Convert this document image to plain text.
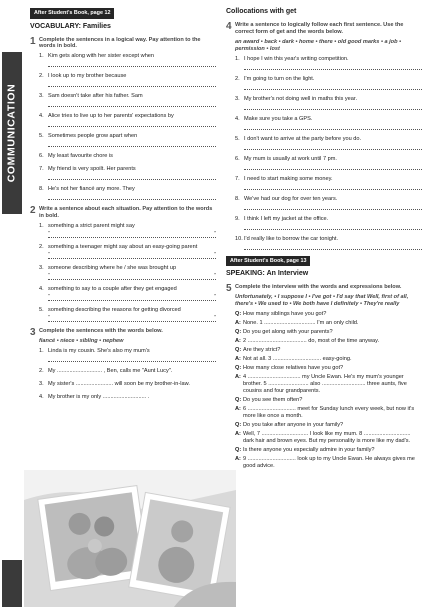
COMMUNICATION
After Student's Book, page 12
VOCABULARY: Families
1 Complete the sentences in a logical way. Pay attention to the words in bold.
1. Kim gets along with her sister except when
2. I look up to my brother because
3. Sam doesn't take after his father. Sam
4. Alice tries to live up to her parents' expectations by
5. Sometimes people grow apart when
6. My least favourite chore is
7. My friend is very spoilt. Her parents
8. He's not her fiancé any more. They
2 Write a sentence about each situation. Pay attention to the words in bold.
1. something a strict parent might say
“	”
2. something a teenager might say about an easy-going parent
“	”
3. someone describing where he / she was brought up
“	”
4. something to say to a couple after they get engaged
“	”
5. something describing the reasons for getting divorced
“	”
3 Complete the sentences with the words below.
fiancé • niece • sibling • nephew
1. Linda is my cousin. She's also my mum's
2. My ............................. , Ben, calls me "Aunt Lucy".
3. My sister's ........................ will soon be my brother-in-law.
4. My brother is my only ............................ .
Collocations with get
4 Write a sentence to logically follow each first sentence. Use the correct form of get and the words below.
an award • back • dark • home • there • old good marks • a job • permission • lost
1. I hope I win this year's writing competition.
2. I'm going to turn on the light.
3. My brother's not doing well in maths this year.
4. Make sure you take a GPS.
5. I don't want to arrive at the party before you do.
6. My mum is usually at work until 7 pm.
7. I need to start making some money.
8. We've had our dog for over ten years.
9. I think I left my jacket at the office.
10. I'd really like to borrow the car tonight.
After Student's Book, page 13
SPEAKING: An Interview
5 Complete the interview with the words and expressions below.
Unfortunately, • I suppose I • I've got • I'd say that Well, first of all, there's • We used to • We both have I definitely • They're really
Q: How many siblings have you got?
A: None. 1 ................................. I'm an only child.
Q: Do you get along with your parents?
A: 2 ...................................... do, most of the time anyway.
Q: Are they strict?
A: Not at all. 3 ............................... easy-going.
Q: How many close relatives have you got?
A: 4 .................................. my Uncle Ewan. He's my mum's younger brother. 5 .......................... also ............................ three aunts, five cousins and four grandparents.
Q: Do you see them often?
A: 6 ............................... meet for Sunday lunch every week, but now it's more like once a month.
Q: Do you take after anyone in your family?
A: Well, 7 .............................. I look like my mum. 8 .............................. dark hair and brown eyes. But my personality is more like my dad's.
Q: Is there anyone you especially admire in your family?
A: 9 ............................... look up to my Uncle Ewan. He always gives me good advice.
